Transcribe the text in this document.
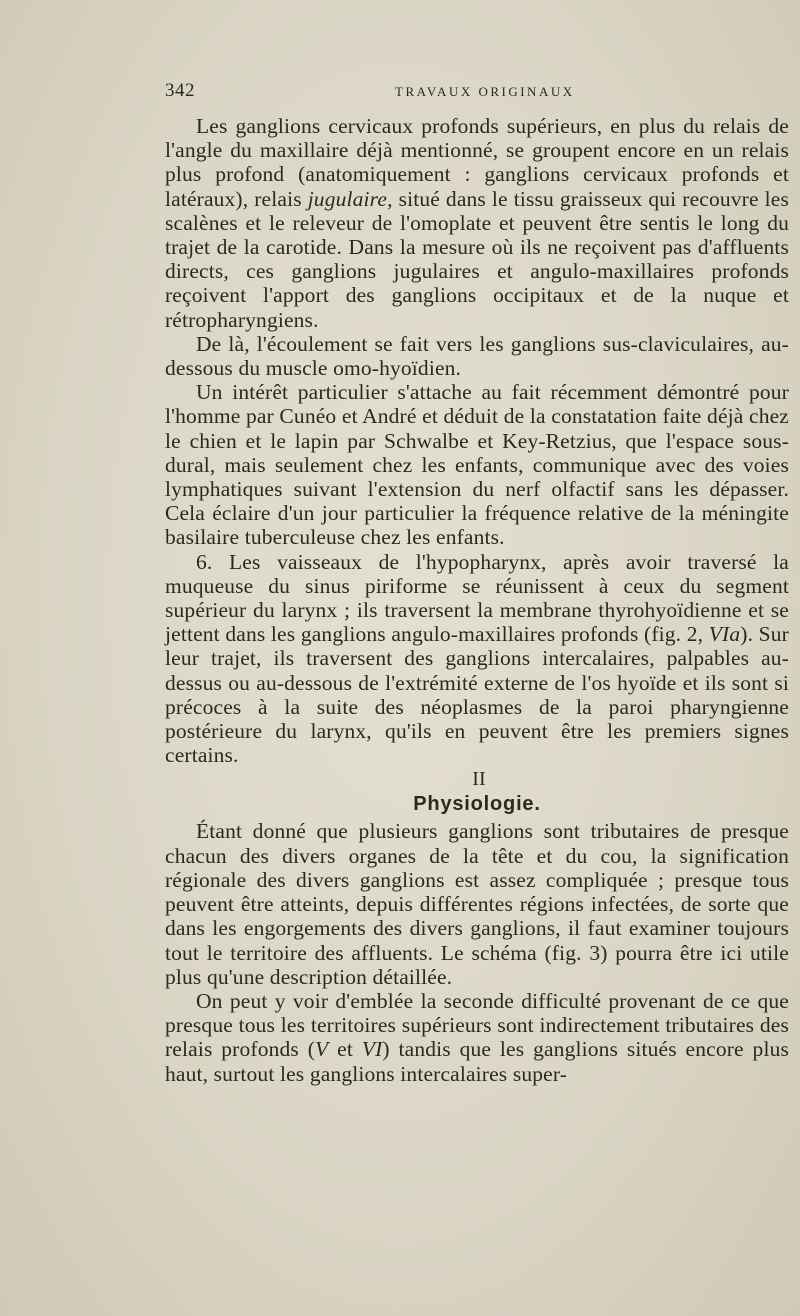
342	TRAVAUX ORIGINAUX

Les ganglions cervicaux profonds supérieurs, en plus du relais de l'angle du maxillaire déjà mentionné, se groupent encore en un relais plus profond (anatomiquement : ganglions cervicaux profonds et latéraux), relais jugulaire, situé dans le tissu graisseux qui recouvre les scalènes et le releveur de l'omoplate et peuvent être sentis le long du trajet de la carotide. Dans la mesure où ils ne reçoivent pas d'affluents directs, ces ganglions jugulaires et angulo-maxillaires profonds reçoivent l'apport des ganglions occipitaux et de la nuque et rétropharyngiens.

De là, l'écoulement se fait vers les ganglions sus-claviculaires, au-dessous du muscle omo-hyoïdien.

Un intérêt particulier s'attache au fait récemment démontré pour l'homme par Cunéo et André et déduit de la constatation faite déjà chez le chien et le lapin par Schwalbe et Key-Retzius, que l'espace sous-dural, mais seulement chez les enfants, communique avec des voies lymphatiques suivant l'extension du nerf olfactif sans les dépasser. Cela éclaire d'un jour particulier la fréquence relative de la méningite basilaire tuberculeuse chez les enfants.

6. Les vaisseaux de l'hypopharynx, après avoir traversé la muqueuse du sinus piriforme se réunissent à ceux du segment supérieur du larynx ; ils traversent la membrane thyrohyoïdienne et se jettent dans les ganglions angulo-maxillaires profonds (fig. 2, VIa). Sur leur trajet, ils traversent des ganglions intercalaires, palpables au-dessus ou au-dessous de l'extrémité externe de l'os hyoïde et ils sont si précoces à la suite des néoplasmes de la paroi pharyngienne postérieure du larynx, qu'ils en peuvent être les premiers signes certains.

II
Physiologie.

Étant donné que plusieurs ganglions sont tributaires de presque chacun des divers organes de la tête et du cou, la signification régionale des divers ganglions est assez compliquée ; presque tous peuvent être atteints, depuis différentes régions infectées, de sorte que dans les engorgements des divers ganglions, il faut examiner toujours tout le territoire des affluents. Le schéma (fig. 3) pourra être ici utile plus qu'une description détaillée.

On peut y voir d'emblée la seconde difficulté provenant de ce que presque tous les territoires supérieurs sont indirectement tributaires des relais profonds (V et VI) tandis que les ganglions situés encore plus haut, surtout les ganglions intercalaires super-
